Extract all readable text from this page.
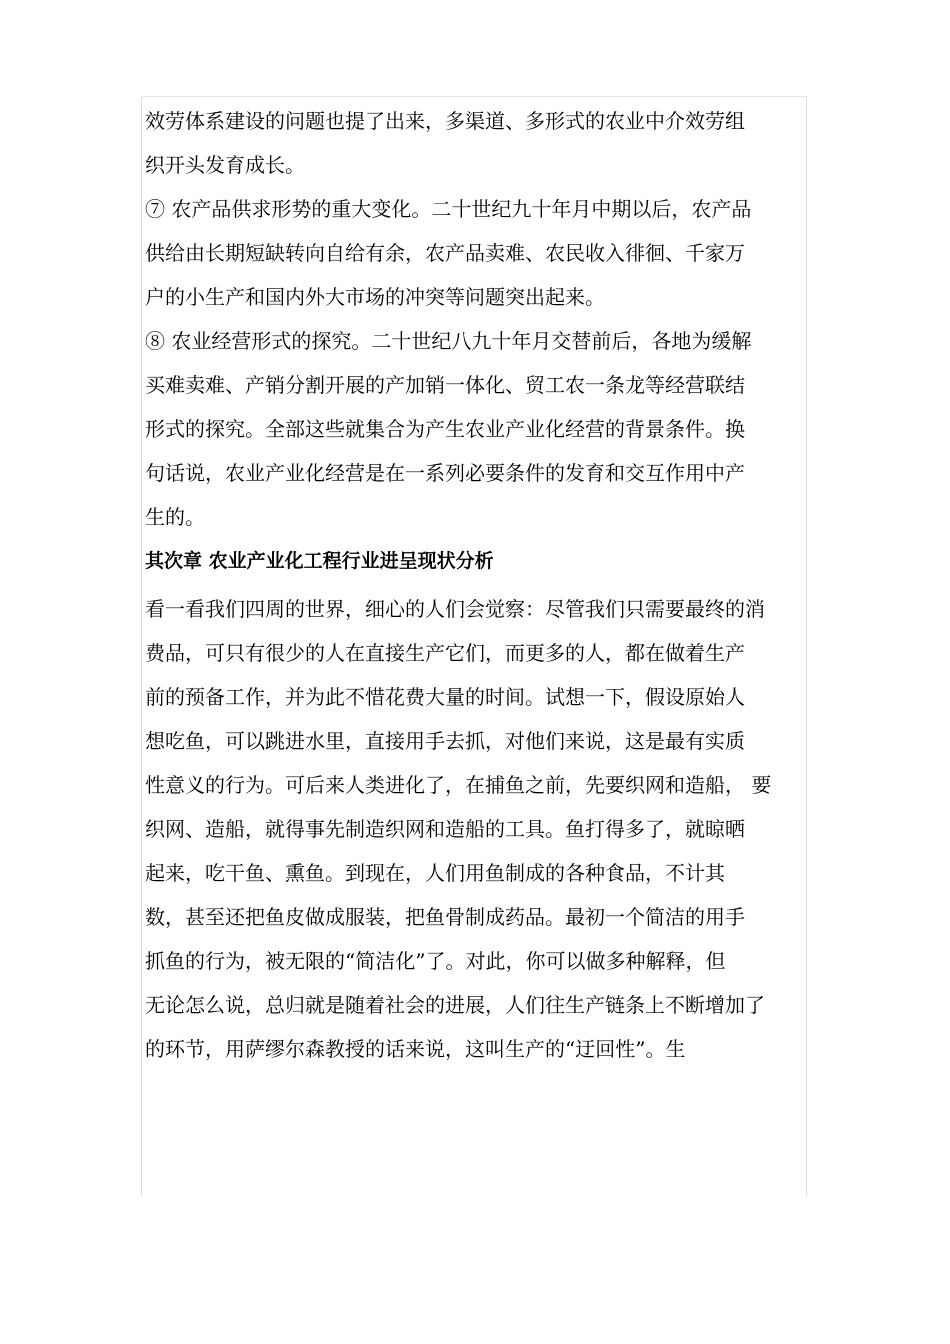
效劳体系建设的问题也提了出来，多渠道、多形式的农业中介效劳组
织开头发育成长。
⑦ 农产品供求形势的重大变化。二十世纪九十年月中期以后，农产品
供给由长期短缺转向自给有余，农产品卖难、农民收入徘徊、千家万
户的小生产和国内外大市场的冲突等问题突出起来。
⑧ 农业经营形式的探究。二十世纪八九十年月交替前后，各地为缓解
买难卖难、产销分割开展的产加销一体化、贸工农一条龙等经营联结
形式的探究。全部这些就集合为产生农业产业化经营的背景条件。换
句话说，农业产业化经营是在一系列必要条件的发育和交互作用中产
生的。
其次章 农业产业化工程行业进呈现状分析
看一看我们四周的世界，细心的人们会觉察：尽管我们只需要最终的消
费品，可只有很少的人在直接生产它们，而更多的人，都在做着生产
前的预备工作，并为此不惜花费大量的时间。试想一下，假设原始人
想吃鱼，可以跳进水里，直接用手去抓，对他们来说，这是最有实质
性意义的行为。可后来人类进化了，在捕鱼之前，先要织网和造船， 要
织网、造船，就得事先制造织网和造船的工具。鱼打得多了，就晾晒
起来，吃干鱼、熏鱼。到现在，人们用鱼制成的各种食品，不计其
数，甚至还把鱼皮做成服装，把鱼骨制成药品。最初一个简洁的用手
抓鱼的行为，被无限的“简洁化”了。对此，你可以做多种解释，但
无论怎么说，总归就是随着社会的进展，人们往生产链条上不断增加了
的环节，用萨缪尔森教授的话来说，这叫生产的“迂回性”。生
